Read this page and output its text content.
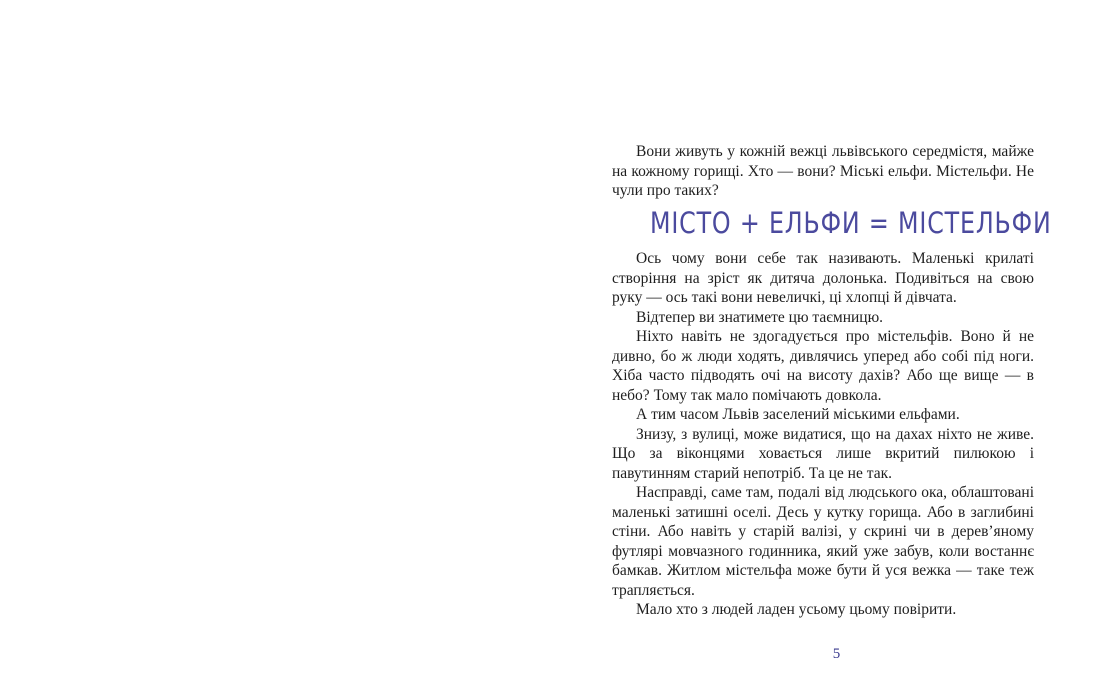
Вони живуть у кожній вежці львівського середмістя, майже на кожному горищі. Хто — вони? Міські ельфи. Містельфи. Не чули про таких?

МІСТО + ЕЛЬФИ = МІСТЕЛЬФИ

Ось чому вони себе так називають. Маленькі крилаті створіння на зріст як дитяча долонька. Подивіться на свою руку — ось такі вони невеличкі, ці хлопці й дівчата.

Відтепер ви знатимете цю таємницю.

Ніхто навіть не здогадується про містельфів. Воно й не дивно, бо ж люди ходять, дивлячись уперед або собі під ноги. Хіба часто підводять очі на висоту дахів? Або ще вище — в небо? Тому так мало помічають довкола.

А тим часом Львів заселений міськими ельфами.

Знизу, з вулиці, може видатися, що на дахах ніхто не живе. Що за віконцями ховається лише вкритий пилюкою і павутинням старий непотріб. Та це не так.

Насправді, саме там, подалі від людського ока, облаштовані маленькі затишні оселі. Десь у кутку горища. Або в заглибині стіни. Або навіть у старій валізі, у скрині чи в дерев’яному футлярі мовчазного годинника, який уже забув, коли востаннє бамкав. Житлом містельфа може бути й уся вежка — таке теж трапляється.

Мало хто з людей ладен усьому цьому повірити.

5
